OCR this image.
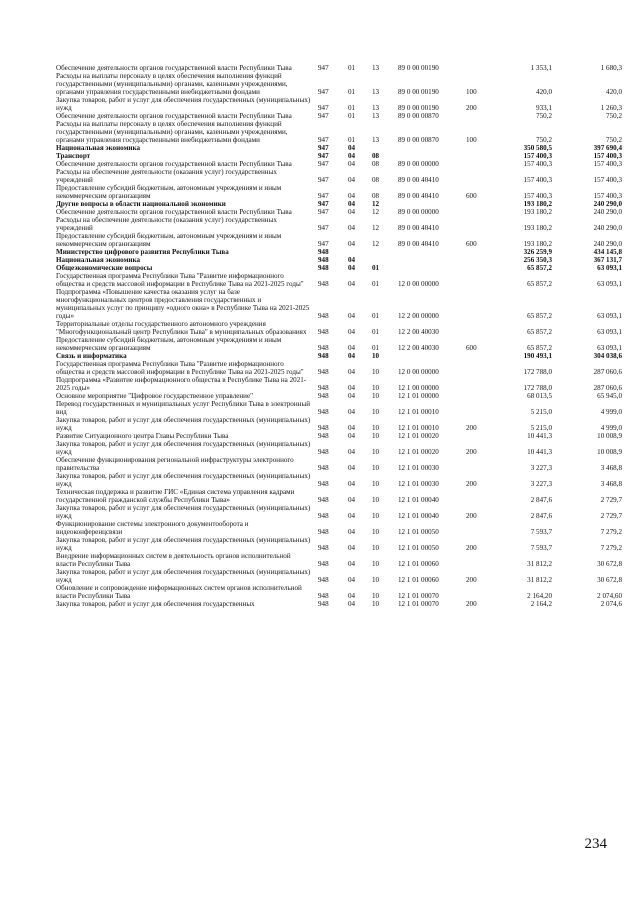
Обеспечение деятельности органов государственной власти Республики Тыва	947	01	13	89 0 00 00190		1 353,1	1 680,3
Расходы на выплаты персоналу в целях обеспечения выполнения функций государственными (муниципальными) органами, казенными учреждениями, органами управления государственными внебюджетными фондами	947	01	13	89 0 00 00190	100	420,0	420,0
Закупка товаров, работ и услуг для обеспечения государственных (муниципальных) нужд	947	01	13	89 0 00 00190	200	933,1	1 260,3
Обеспечение деятельности органов государственной власти Республики Тыва	947	01	13	89 0 00 00870		750,2	750,2
Расходы на выплаты персоналу в целях обеспечения выполнения функций государственными (муниципальными) органами, казенными учреждениями, органами управления государственными внебюджетными фондами	947	01	13	89 0 00 00870	100	750,2	750,2
Национальная экономика	947	04				350 580,5	397 690,4
Транспорт	947	04	08			157 400,3	157 400,3
Обеспечение деятельности органов государственной власти Республики Тыва	947	04	08	89 0 00 00000		157 400,3	157 400,3
Расходы на обеспечение деятельности (оказания услуг) государственных учреждений	947	04	08	89 0 00 40410		157 400,3	157 400,3
Предоставление субсидий бюджетным, автономным учреждениям и иным некоммерческим организациям	947	04	08	89 0 00 40410	600	157 400,3	157 400,3
Другие вопросы в области национальной экономики	947	04	12			193 180,2	240 290,0
Обеспечение деятельности органов государственной власти Республики Тыва	947	04	12	89 0 00 00000		193 180,2	240 290,0
Расходы на обеспечение деятельности (оказания услуг) государственных учреждений	947	04	12	89 0 00 40410		193 180,2	240 290,0
Предоставление субсидий бюджетным, автономным учреждениям и иным некоммерческим организациям	947	04	12	89 0 00 40410	600	193 180,2	240 290,0
Министерство цифрового развития Республики Тыва	948					326 259,9	434 145,8
Национальная экономика	948	04				256 350,3	367 131,7
Общеэкономические вопросы	948	04	01			65 857,2	63 093,1
Государственная программа Республики Тыва "Развитие информационного общества и средств массовой информации в Республике Тыва на 2021-2025 годы"	948	04	01	12 0 00 00000		65 857,2	63 093,1
Подпрограмма «Повышение качества оказания услуг на базе многофункциональных центров предоставления государственных и муниципальных услуг по принципу «одного окна» в Республике Тыва на 2021-2025 годы»	948	04	01	12 2 00 00000		65 857,2	63 093,1
Территориальные отделы государственного автономного учреждения "Многофункциональный центр Республики Тыва" в муниципальных образованиях	948	04	01	12 2 00 40030		65 857,2	63 093,1
Предоставление субсидий бюджетным, автономным учреждениям и иным некоммерческим организациям	948	04	01	12 2 00 40030	600	65 857,2	63 093,1
Связь и информатика	948	04	10			190 493,1	304 038,6
Государственная программа Республики Тыва "Развитие информационного общества и средств массовой информации в Республике Тыва на 2021-2025 годы"	948	04	10	12 0 00 00000		172 788,0	287 060,6
Подпрограмма «Развитие информационного общества в Республике Тыва на 2021-2025 годы»	948	04	10	12 1 00 00000		172 788,0	287 060,6
Основное мероприятие "Цифровое государственное управление"	948	04	10	12 1 01 00000		68 013,5	65 945,0
Перевод государственных и муниципальных услуг Республики Тыва в электронный вид	948	04	10	12 1 01 00010		5 215,0	4 999,0
Закупка товаров, работ и услуг для обеспечения государственных (муниципальных) нужд	948	04	10	12 1 01 00010	200	5 215,0	4 999,0
Развитие Ситуационного центра Главы Республики Тыва	948	04	10	12 1 01 00020		10 441,3	10 008,9
Закупка товаров, работ и услуг для обеспечения государственных (муниципальных) нужд	948	04	10	12 1 01 00020	200	10 441,3	10 008,9
Обеспечение функционирования региональной инфраструктуры электронного правительства	948	04	10	12 1 01 00030		3 227,3	3 468,8
Закупка товаров, работ и услуг для обеспечения государственных (муниципальных) нужд	948	04	10	12 1 01 00030	200	3 227,3	3 468,8
Техническая поддержка и развитие ГИС «Единая система управления кадрами государственной гражданской службы Республики Тыва»	948	04	10	12 1 01 00040		2 847,6	2 729,7
Закупка товаров, работ и услуг для обеспечения государственных (муниципальных) нужд	948	04	10	12 1 01 00040	200	2 847,6	2 729,7
Функционирование системы электронного документооборота и видеоконференцсвязи	948	04	10	12 1 01 00050		7 593,7	7 279,2
Закупка товаров, работ и услуг для обеспечения государственных (муниципальных) нужд	948	04	10	12 1 01 00050	200	7 593,7	7 279,2
Внедрение информационных систем в деятельность органов исполнительной власти Республики Тыва	948	04	10	12 1 01 00060		31 812,2	30 672,8
Закупка товаров, работ и услуг для обеспечения государственных (муниципальных) нужд	948	04	10	12 1 01 00060	200	31 812,2	30 672,8
Обновление и сопровождение информационных систем органов исполнительной власти Республики Тыва	948	04	10	12 1 01 00070		2 164,20	2 074,60
Закупка товаров, работ и услуг для обеспечения государственных	948	04	10	12 1 01 00070	200	2 164,2	2 074,6
234
